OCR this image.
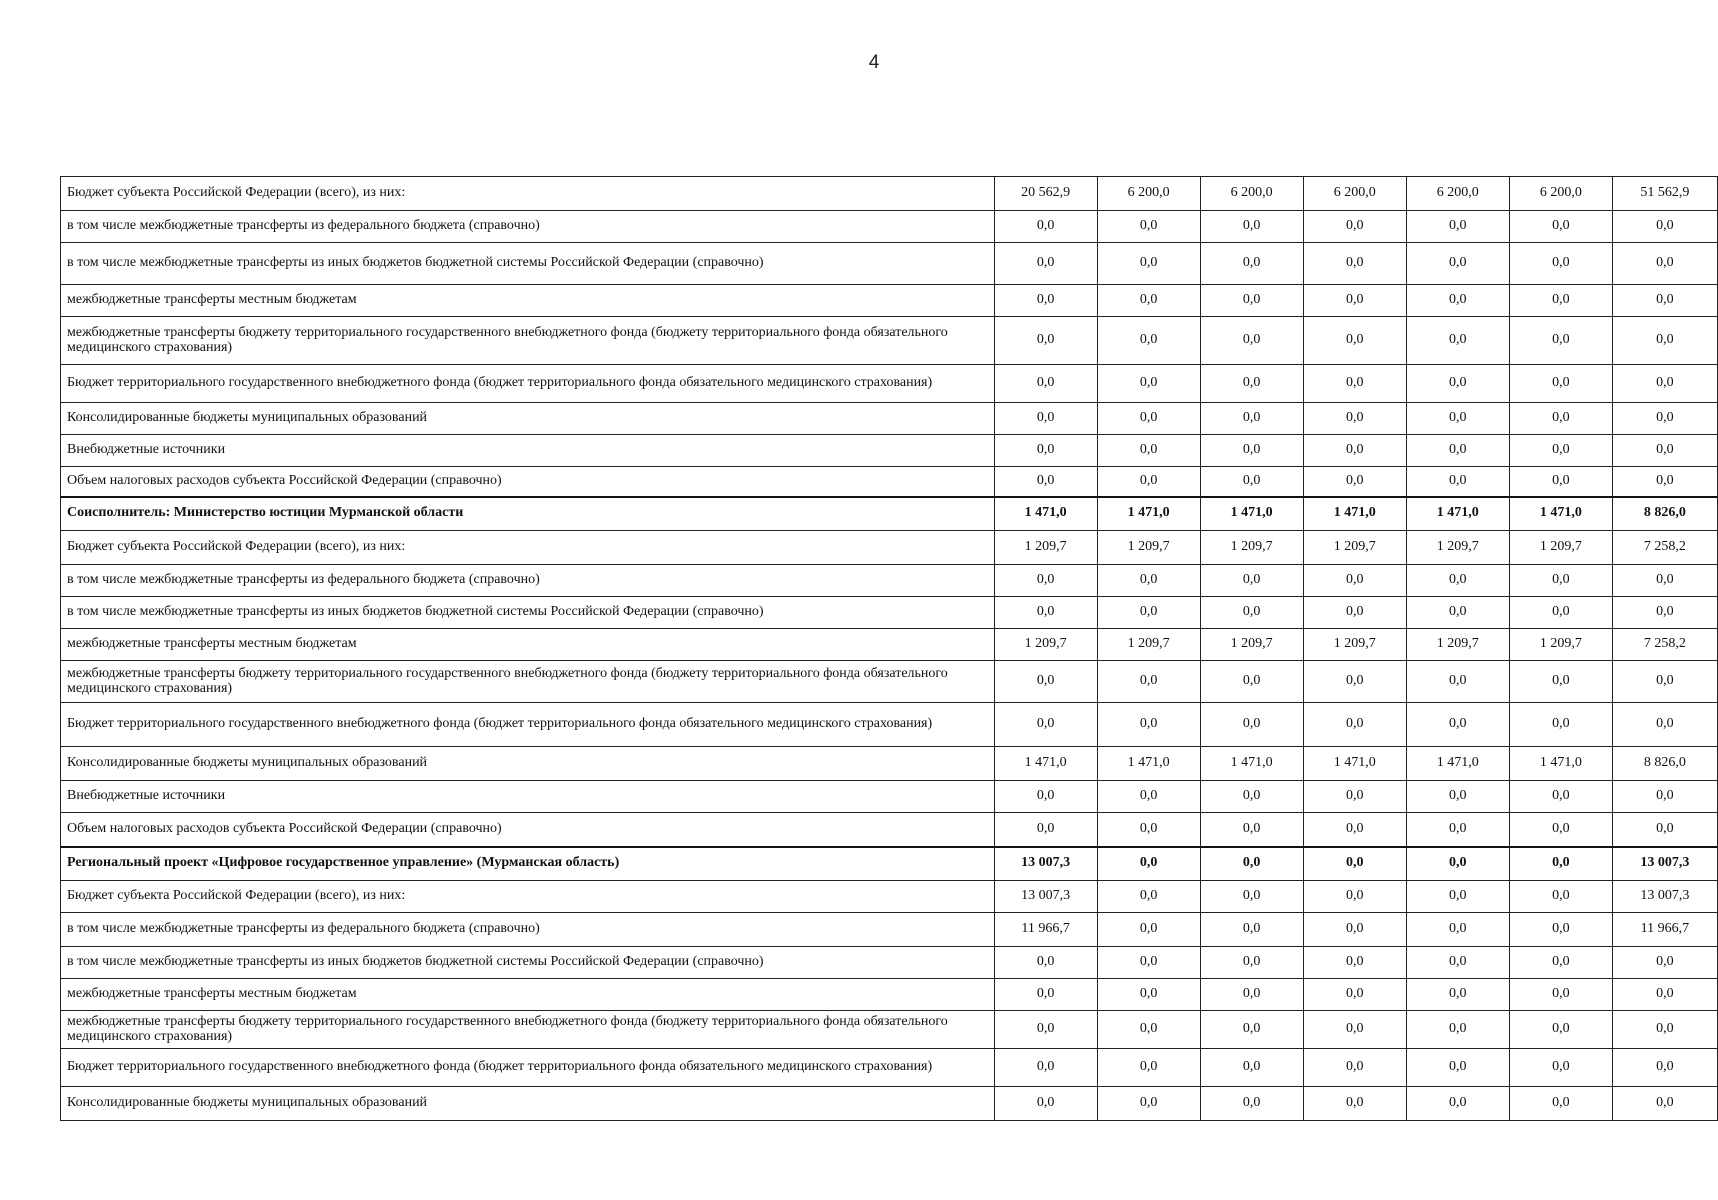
4
Бюджет субъекта Российской Федерации (всего), из них:	20 562,9	6 200,0	6 200,0	6 200,0	6 200,0	6 200,0	51 562,9
в том числе межбюджетные трансферты из федерального бюджета (справочно)	0,0	0,0	0,0	0,0	0,0	0,0	0,0
в том числе межбюджетные трансферты из иных бюджетов бюджетной системы Российской Федерации (справочно)	0,0	0,0	0,0	0,0	0,0	0,0	0,0
межбюджетные трансферты местным бюджетам	0,0	0,0	0,0	0,0	0,0	0,0	0,0
межбюджетные трансферты бюджету территориального государственного внебюджетного фонда (бюджету территориального фонда обязательного медицинского страхования)	0,0	0,0	0,0	0,0	0,0	0,0	0,0
Бюджет территориального государственного внебюджетного фонда (бюджет территориального фонда обязательного медицинского страхования)	0,0	0,0	0,0	0,0	0,0	0,0	0,0
Консолидированные бюджеты муниципальных образований	0,0	0,0	0,0	0,0	0,0	0,0	0,0
Внебюджетные источники	0,0	0,0	0,0	0,0	0,0	0,0	0,0
Объем налоговых расходов субъекта Российской Федерации (справочно)	0,0	0,0	0,0	0,0	0,0	0,0	0,0
Соисполнитель: Министерство юстиции Мурманской области	1 471,0	1 471,0	1 471,0	1 471,0	1 471,0	1 471,0	8 826,0
Бюджет субъекта Российской Федерации (всего), из них:	1 209,7	1 209,7	1 209,7	1 209,7	1 209,7	1 209,7	7 258,2
в том числе межбюджетные трансферты из федерального бюджета (справочно)	0,0	0,0	0,0	0,0	0,0	0,0	0,0
в том числе межбюджетные трансферты из иных бюджетов бюджетной системы Российской Федерации (справочно)	0,0	0,0	0,0	0,0	0,0	0,0	0,0
межбюджетные трансферты местным бюджетам	1 209,7	1 209,7	1 209,7	1 209,7	1 209,7	1 209,7	7 258,2
межбюджетные трансферты бюджету территориального государственного внебюджетного фонда (бюджету территориального фонда обязательного медицинского страхования)	0,0	0,0	0,0	0,0	0,0	0,0	0,0
Бюджет территориального государственного внебюджетного фонда (бюджет территориального фонда обязательного медицинского страхования)	0,0	0,0	0,0	0,0	0,0	0,0	0,0
Консолидированные бюджеты муниципальных образований	1 471,0	1 471,0	1 471,0	1 471,0	1 471,0	1 471,0	8 826,0
Внебюджетные источники	0,0	0,0	0,0	0,0	0,0	0,0	0,0
Объем налоговых расходов субъекта Российской Федерации (справочно)	0,0	0,0	0,0	0,0	0,0	0,0	0,0
Региональный проект «Цифровое государственное управление» (Мурманская область)	13 007,3	0,0	0,0	0,0	0,0	0,0	13 007,3
Бюджет субъекта Российской Федерации (всего), из них:	13 007,3	0,0	0,0	0,0	0,0	0,0	13 007,3
в том числе межбюджетные трансферты из федерального бюджета (справочно)	11 966,7	0,0	0,0	0,0	0,0	0,0	11 966,7
в том числе межбюджетные трансферты из иных бюджетов бюджетной системы Российской Федерации (справочно)	0,0	0,0	0,0	0,0	0,0	0,0	0,0
межбюджетные трансферты местным бюджетам	0,0	0,0	0,0	0,0	0,0	0,0	0,0
межбюджетные трансферты бюджету территориального государственного внебюджетного фонда (бюджету территориального фонда обязательного медицинского страхования)	0,0	0,0	0,0	0,0	0,0	0,0	0,0
Бюджет территориального государственного внебюджетного фонда (бюджет территориального фонда обязательного медицинского страхования)	0,0	0,0	0,0	0,0	0,0	0,0	0,0
Консолидированные бюджеты муниципальных образований	0,0	0,0	0,0	0,0	0,0	0,0	0,0
